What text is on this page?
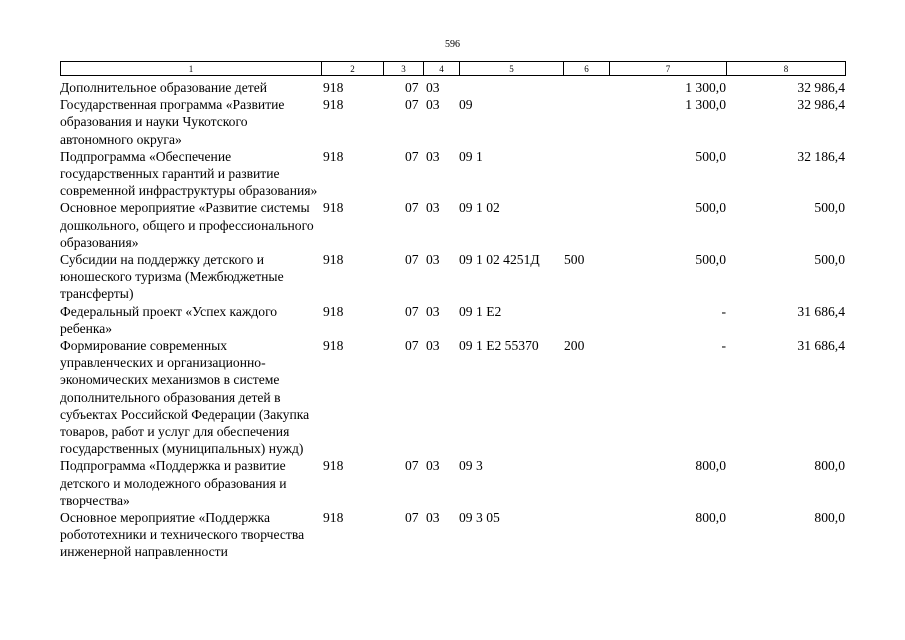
596
1	2	3	4	5	6	7	8
Дополнительное образование детей	918	07	03			1 300,0	32 986,4
Государственная программа «Развитие образования и науки Чукотского автономного округа»	918	07	03	09		1 300,0	32 986,4
Подпрограмма «Обеспечение государственных гарантий и развитие современной инфраструктуры образования»	918	07	03	09 1		500,0	32 186,4
Основное мероприятие «Развитие системы дошкольного, общего и профессионального образования»	918	07	03	09 1 02		500,0	500,0
Субсидии на поддержку детского и юношеского туризма (Межбюджетные трансферты)	918	07	03	09 1 02 4251Д	500	500,0	500,0
Федеральный проект «Успех каждого ребенка»	918	07	03	09 1 E2		-	31 686,4
Формирование современных управленческих и организационно-экономических механизмов в системе дополнительного образования детей в субъектах Российской Федерации (Закупка товаров, работ и услуг для обеспечения государственных (муниципальных) нужд)	918	07	03	09 1 E2 55370	200	-	31 686,4
Подпрограмма «Поддержка и развитие детского и молодежного образования и творчества»	918	07	03	09 3		800,0	800,0
Основное мероприятие «Поддержка робототехники и технического творчества инженерной направленности	918	07	03	09 3 05		800,0	800,0
